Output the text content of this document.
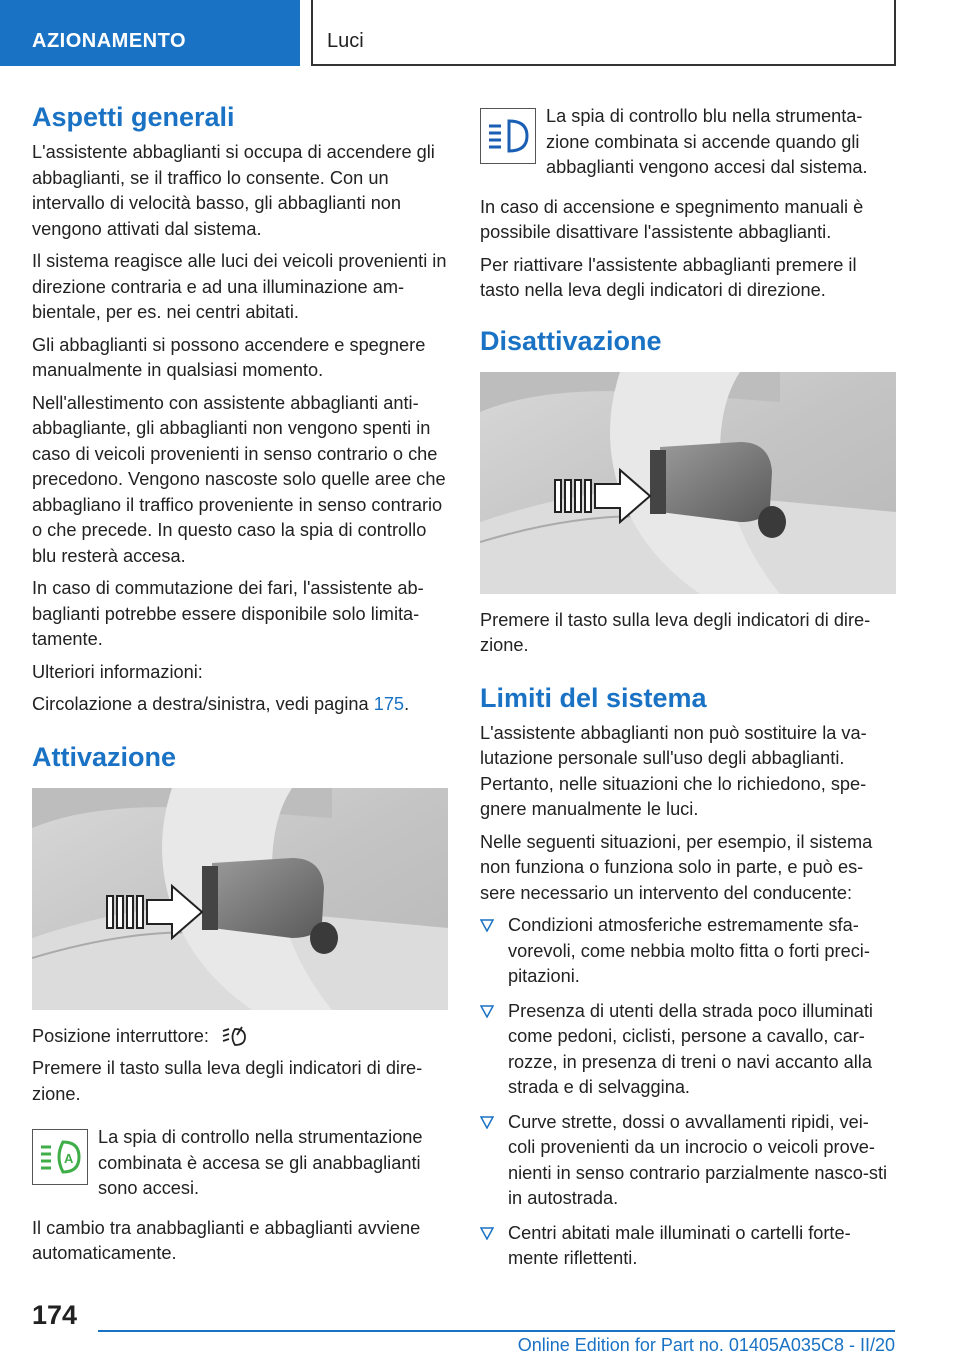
AZIONAMENTO	Luci
Aspetti generali

L'assistente abbaglianti si occupa di accendere gli abbaglianti, se il traffico lo consente. Con un intervallo di velocità basso, gli abbaglianti non vengono attivati dal sistema.

Il sistema reagisce alle luci dei veicoli provenienti in direzione contraria e ad una illuminazione am-bientale, per es. nei centri abitati.

Gli abbaglianti si possono accendere e spegnere manualmente in qualsiasi momento.

Nell'allestimento con assistente abbaglianti anti-abbagliante, gli abbaglianti non vengono spenti in caso di veicoli provenienti in senso contrario o che precedono. Vengono nascoste solo quelle aree che abbagliano il traffico proveniente in senso contrario o che precede. In questo caso la spia di controllo blu resterà accesa.

In caso di commutazione dei fari, l'assistente ab-baglianti potrebbe essere disponibile solo limita-tamente.

Ulteriori informazioni:

Circolazione a destra/sinistra, vedi pagina 175.

Attivazione

Posizione interruttore:

Premere il tasto sulla leva degli indicatori di dire-zione.

A

La spia di controllo nella strumentazione combinata è accesa se gli anabbaglianti sono accesi.

Il cambio tra anabbaglianti e abbaglianti avviene automaticamente.

La spia di controllo blu nella strumenta-zione combinata si accende quando gli abbaglianti vengono accesi dal sistema.

In caso di accensione e spegnimento manuali è possibile disattivare l'assistente abbaglianti.

Per riattivare l'assistente abbaglianti premere il tasto nella leva degli indicatori di direzione.

Disattivazione

Premere il tasto sulla leva degli indicatori di dire-zione.

Limiti del sistema

L'assistente abbaglianti non può sostituire la va-lutazione personale sull'uso degli abbaglianti. Pertanto, nelle situazioni che lo richiedono, spe-gnere manualmente le luci.

Nelle seguenti situazioni, per esempio, il sistema non funziona o funziona solo in parte, e può es-sere necessario un intervento del conducente:

Condizioni atmosferiche estremamente sfa-vorevoli, come nebbia molto fitta o forti preci-pitazioni.
Presenza di utenti della strada poco illuminati come pedoni, ciclisti, persone a cavallo, car-rozze, in presenza di treni o navi accanto alla strada e di selvaggina.
Curve strette, dossi o avvallamenti ripidi, vei-coli provenienti da un incrocio o veicoli prove-nienti in senso contrario parzialmente nasco-sti in autostrada.
Centri abitati male illuminati o cartelli forte-mente riflettenti.
174
Online Edition for Part no. 01405A035C8 - II/20
